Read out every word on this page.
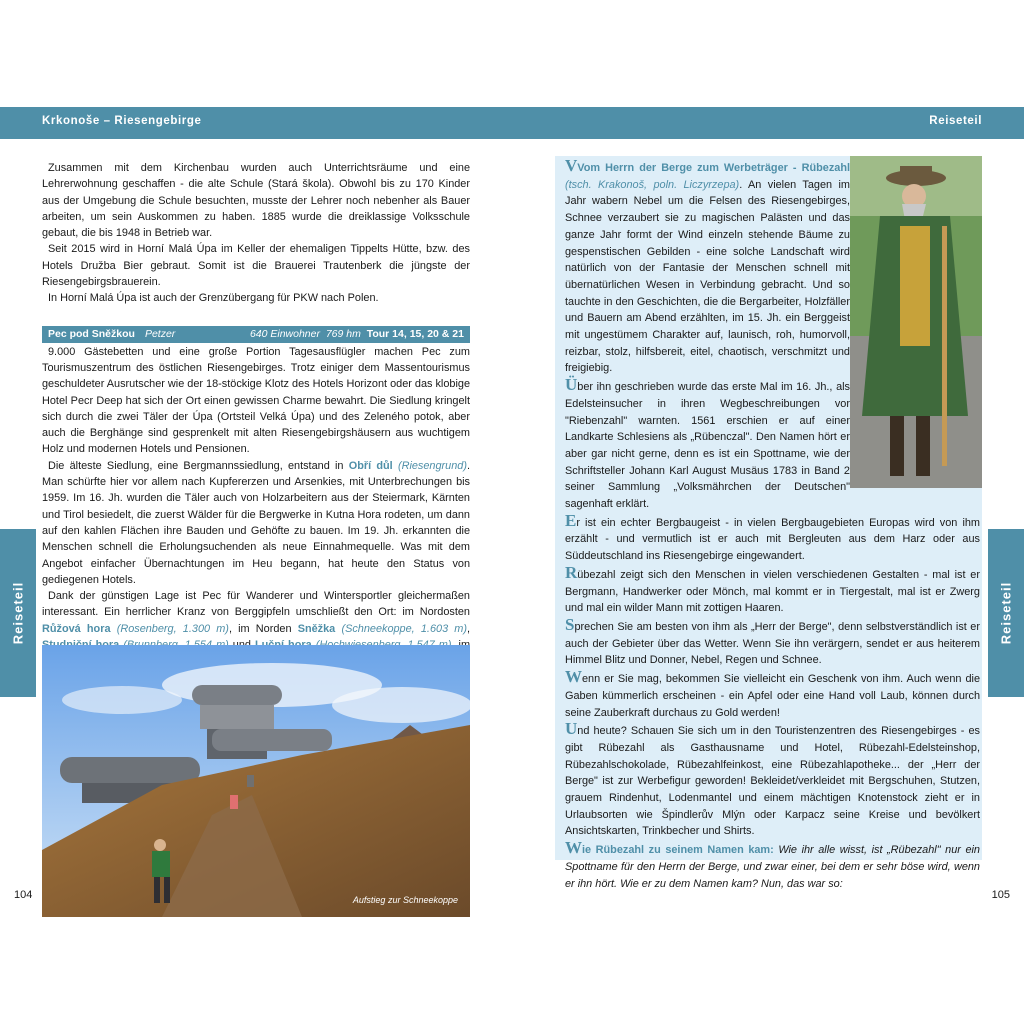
Krkonoše – Riesengebirge	Reiseteil
Reiseteil	Reiseteil

Zusammen mit dem Kirchenbau wurden auch Unterrichtsräume und eine Lehrerwohnung geschaffen - die alte Schule (Stará škola). Obwohl bis zu 170 Kinder aus der Umgebung die Schule besuchten, musste der Lehrer noch nebenher als Bauer arbeiten, um sein Auskommen zu haben. 1885 wurde die dreiklassige Volksschule gebaut, die bis 1948 in Betrieb war.

Seit 2015 wird in Horní Malá Úpa im Keller der ehemaligen Tippelts Hütte, bzw. des Hotels Družba Bier gebraut. Somit ist die Brauerei Trautenberk die jüngste der Riesengebirgsbrauerein.

In Horní Malá Úpa ist auch der Grenzübergang für PKW nach Polen.

Pec pod Sněžkou Petzer	640 Einwohner 769 hm Tour 14, 15, 20 & 21

9.000 Gästebetten und eine große Portion Tagesausflügler machen Pec zum Tourismuszentrum des östlichen Riesengebirges. Trotz einiger dem Massentourismus geschuldeter Ausrutscher wie der 18-stöckige Klotz des Hotels Horizont oder das klobige Hotel Pecr Deep hat sich der Ort einen gewissen Charme bewahrt. Die Siedlung kringelt sich durch die zwei Täler der Úpa (Ortsteil Velká Úpa) und des Zeleného potok, aber auch die Berghänge sind gesprenkelt mit alten Riesengebirgshäusern aus wuchtigem Holz und modernen Hotels und Pensionen.

Die älteste Siedlung, eine Bergmannssiedlung, entstand in Obří důl (Riesengrund). Man schürfte hier vor allem nach Kupfererzen und Arsenkies, mit Unterbrechungen bis 1959. Im 16. Jh. wurden die Täler auch von Holzarbeitern aus der Steiermark, Kärnten und Tirol besiedelt, die zuerst Wälder für die Bergwerke in Kutna Hora rodeten, um dann auf den kahlen Flächen ihre Bauden und Gehöfte zu bauen. Im 19. Jh. erkannten die Menschen schnell die Erholungsuchenden als neue Einnahmequelle. Was mit dem Angebot einfacher Übernachtungen im Heu begann, hat heute den Status von gediegenen Hotels.

Dank der günstigen Lage ist Pec für Wanderer und Wintersportler gleichermaßen interessant. Ein herrlicher Kranz von Berggipfeln umschließt den Ort: im Nordosten Růžová hora (Rosenberg, 1.300 m), im Norden Sněžka (Schneekoppe, 1.603 m),

Aufstieg zur Schneekoppe
104	105

VVom Herrn der Berge zum Werbeträger - Rübezahl (tsch. Krakonoš, poln. Liczyrzepa). An vielen Tagen im Jahr wabern Nebel um die Felsen des Riesengebirges, Schnee verzaubert sie zu magischen Palästen und das ganze Jahr formt der Wind einzeln stehende Bäume zu gespenstischen Gebilden - eine solche Landschaft wird natürlich von der Fantasie der Menschen schnell mit übernatürlichen Wesen in Verbindung gebracht. Und so tauchte in den Geschichten, die die Bergarbeiter, Holzfäller und Bauern am Abend erzählten, im 15. Jh. ein Berggeist mit ungestümem Charakter auf, launisch, roh, humorvoll, reizbar, stolz, hilfsbereit, eitel, chaotisch, verschmitzt und freigiebig.

Über ihn geschrieben wurde das erste Mal im 16. Jh., als Edelsteinsucher in ihren Wegbeschreibungen vor "Riebenzahl" warnten. 1561 erschien er auf einer Landkarte Schlesiens als „Rübenczal". Den Namen hört er aber gar nicht gerne, denn es ist ein Spottname, wie der Schriftsteller Johann Karl August Musäus 1783 in Band 2 seiner Sammlung „Volksmährchen der Deutschen" sagenhaft erklärt.

Er ist ein echter Bergbaugeist - in vielen Bergbaugebieten Europas wird von ihm erzählt - und vermutlich ist er auch mit Bergleuten aus dem Harz oder aus Süddeutschland ins Riesengebirge eingewandert.

Rübezahl zeigt sich den Menschen in vielen verschiedenen Gestalten - mal ist er Bergmann, Handwerker oder Mönch, mal kommt er in Tiergestalt, mal ist er Zwerg und mal ein wilder Mann mit zottigen Haaren.

Sprechen Sie am besten von ihm als „Herr der Berge", denn selbstverständlich ist er auch der Gebieter über das Wetter. Wenn Sie ihn verärgern, sendet er aus heiterem Himmel Blitz und Donner, Nebel, Regen und Schnee.

Wenn er Sie mag, bekommen Sie vielleicht ein Geschenk von ihm. Auch wenn die Gaben kümmerlich erscheinen - ein Apfel oder eine Hand voll Laub, können durch seine Zauberkraft durchaus zu Gold werden!

Und heute? Schauen Sie sich um in den Touristenzentren des Riesengebirges - es gibt Rübezahl als Gasthausname und Hotel, Rübezahl-Edelsteinshop, Rübezahlschokolade, Rübezahlfeinkost, eine Rübezahlapotheke... der „Herr der Berge" ist zur Werbefigur geworden! Bekleidet/verkleidet mit Bergschuhen, Stutzen, grauem Rindenhut, Lodenmantel und einem mächtigen Knotenstock zieht er in Urlaubsorten wie Špindlerův Mlýn oder Karpacz seine Kreise und bevölkert Ansichtskarten, Trinkbecher und Shirts.

Wie Rübezahl zu seinem Namen kam: Wie ihr alle wisst, ist „Rübezahl" nur ein Spottname für den Herrn der Berge, und zwar einer, bei dem er sehr böse wird, wenn er ihn hört. Wie er zu dem Namen kam? Nun, das war so:
